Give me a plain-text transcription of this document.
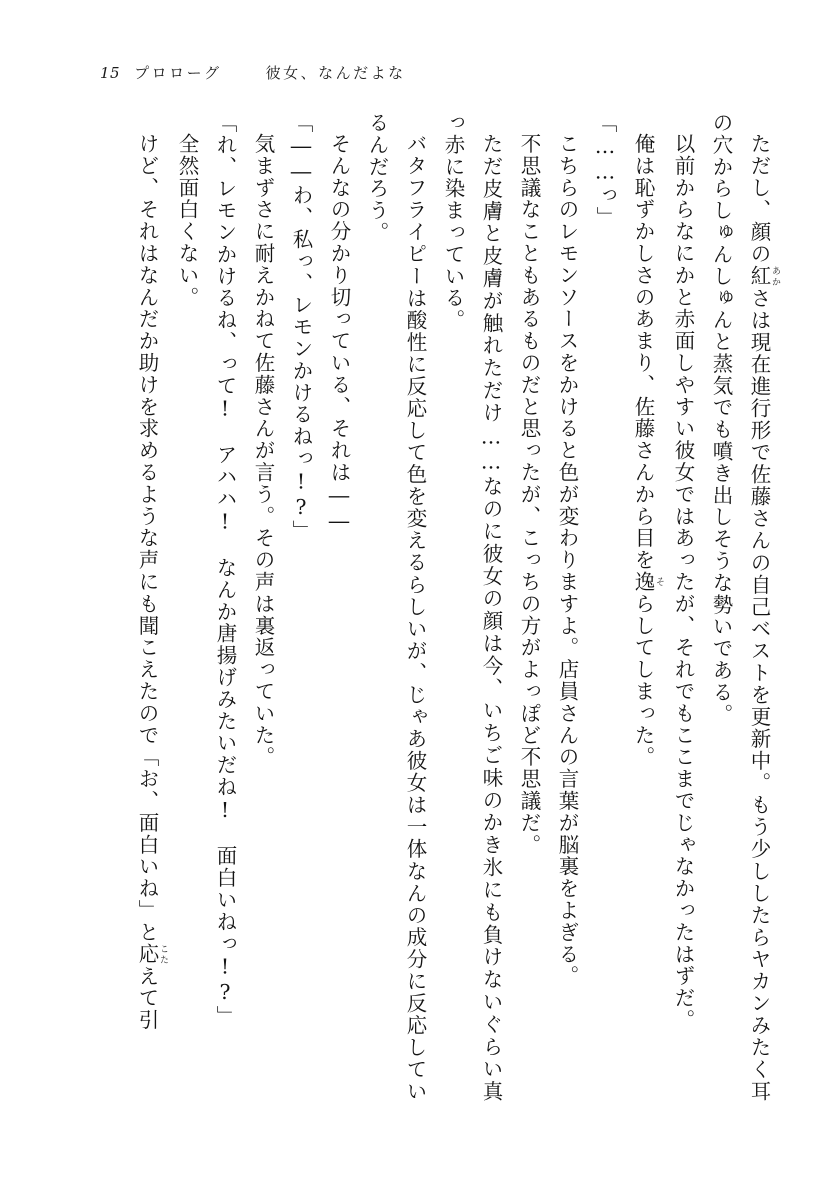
15 プロローグ	彼女、なんだよな

ただし、顔の紅 あかさは現在進行形で佐藤さんの自己ベストを更新中。もう少ししたらヤカンみたく耳の穴からしゅんしゅんと蒸気でも噴き出しそうな勢いである。

以前からなにかと赤面しやすい彼女ではあったが、それでもここまでじゃなかったはずだ。

俺は恥ずかしさのあまり、佐藤さんから目を逸 そらしてしまった。

「……っ」

こちらのレモンソースをかけると色が変わりますよ。店員さんの言葉が脳裏をよぎる。

不思議なこともあるものだと思ったが、こっちの方がよっぽど不思議だ。

ただ皮膚と皮膚が触れただけ……なのに彼女の顔は今、いちご味のかき氷にも負けないぐらい真っ赤に染まっている。

バタフライピーは酸性に反応して色を変えるらしいが、じゃあ彼女は一体なんの成分に反応しているんだろう。

そんなの分かり切っている、それは――

「――わ、私っ、レモンかけるねっ!?」

気まずさに耐えかねて佐藤さんが言う。その声は裏返っていた。

「れ、レモンかけるね、って!　アハハ!　なんか唐揚げみたいだね!　面白いねっ!?」

全然面白くない。

けど、それはなんだか助けを求めるような声にも聞こえたので「お、面白いね」と応 こたえて引
